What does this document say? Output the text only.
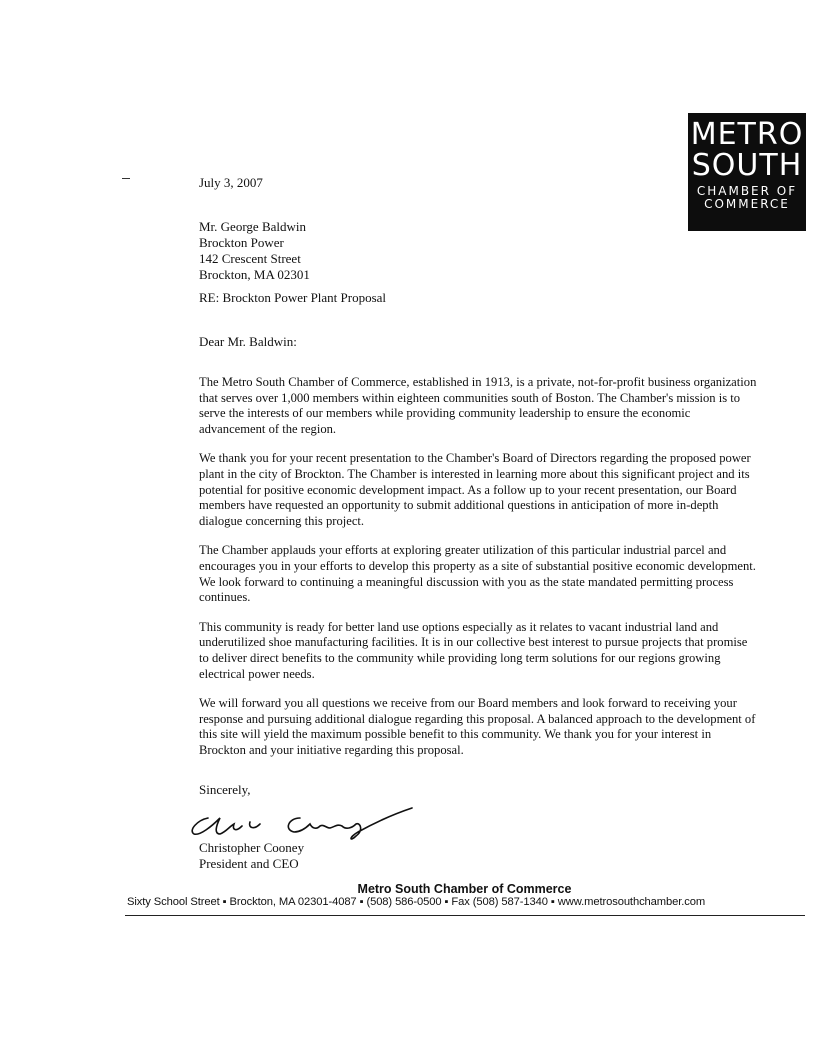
METRO
SOUTH
CHAMBER OF
COMMERCE
July 3, 2007
Mr. George Baldwin
Brockton Power
142 Crescent Street
Brockton, MA 02301
RE: Brockton Power Plant Proposal
Dear Mr. Baldwin:

The Metro South Chamber of Commerce, established in 1913, is a private, not-for-profit business organization that serves over 1,000 members within eighteen communities south of Boston. The Chamber's mission is to serve the interests of our members while providing community leadership to ensure the economic advancement of the region.

We thank you for your recent presentation to the Chamber's Board of Directors regarding the proposed power plant in the city of Brockton. The Chamber is interested in learning more about this significant project and its potential for positive economic development impact. As a follow up to your recent presentation, our Board members have requested an opportunity to submit additional questions in anticipation of more in-depth dialogue concerning this project.

The Chamber applauds your efforts at exploring greater utilization of this particular industrial parcel and encourages you in your efforts to develop this property as a site of substantial positive economic development. We look forward to continuing a meaningful discussion with you as the state mandated permitting process continues.

This community is ready for better land use options especially as it relates to vacant industrial land and underutilized shoe manufacturing facilities. It is in our collective best interest to pursue projects that promise to deliver direct benefits to the community while providing long term solutions for our regions growing electrical power needs.

We will forward you all questions we receive from our Board members and look forward to receiving your response and pursuing additional dialogue regarding this proposal. A balanced approach to the development of this site will yield the maximum possible benefit to this community. We thank you for your interest in Brockton and your initiative regarding this proposal.

Sincerely,
Christopher Cooney
President and CEO
Metro South Chamber of Commerce
Sixty School Street ▪ Brockton, MA 02301-4087 ▪ (508) 586-0500 ▪ Fax (508) 587-1340 ▪ www.metrosouthchamber.com
